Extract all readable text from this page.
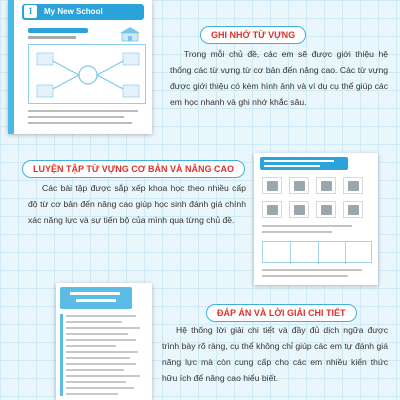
My New School
1
GHI NHỚ TỪ VỰNG

Trong mỗi chủ đề, các em sẽ được giới thiệu hệ thống các từ vựng từ cơ bản đến nâng cao. Các từ vựng được giới thiệu có kèm hình ảnh và ví dụ cụ thể giúp các em học nhanh và ghi nhớ khắc sâu.

LUYỆN TẬP TỪ VỰNG CƠ BẢN VÀ NÂNG CAO

Các bài tập được sắp xếp khoa học theo nhiều cấp độ từ cơ bản đến nâng cao giúp học sinh đánh giá chính xác năng lực và sự tiến bộ của mình qua từng chủ đề.

ĐÁP ÁN VÀ LỜI GIẢI CHI TIẾT

Hệ thống lời giải chi tiết và đầy đủ dịch ngữa được trình bày rõ ràng, cụ thể không chỉ giúp các em tự đánh giá năng lực mà còn cung cấp cho các em nhiều kiến thức hữu ích để nâng cao hiểu biết.
